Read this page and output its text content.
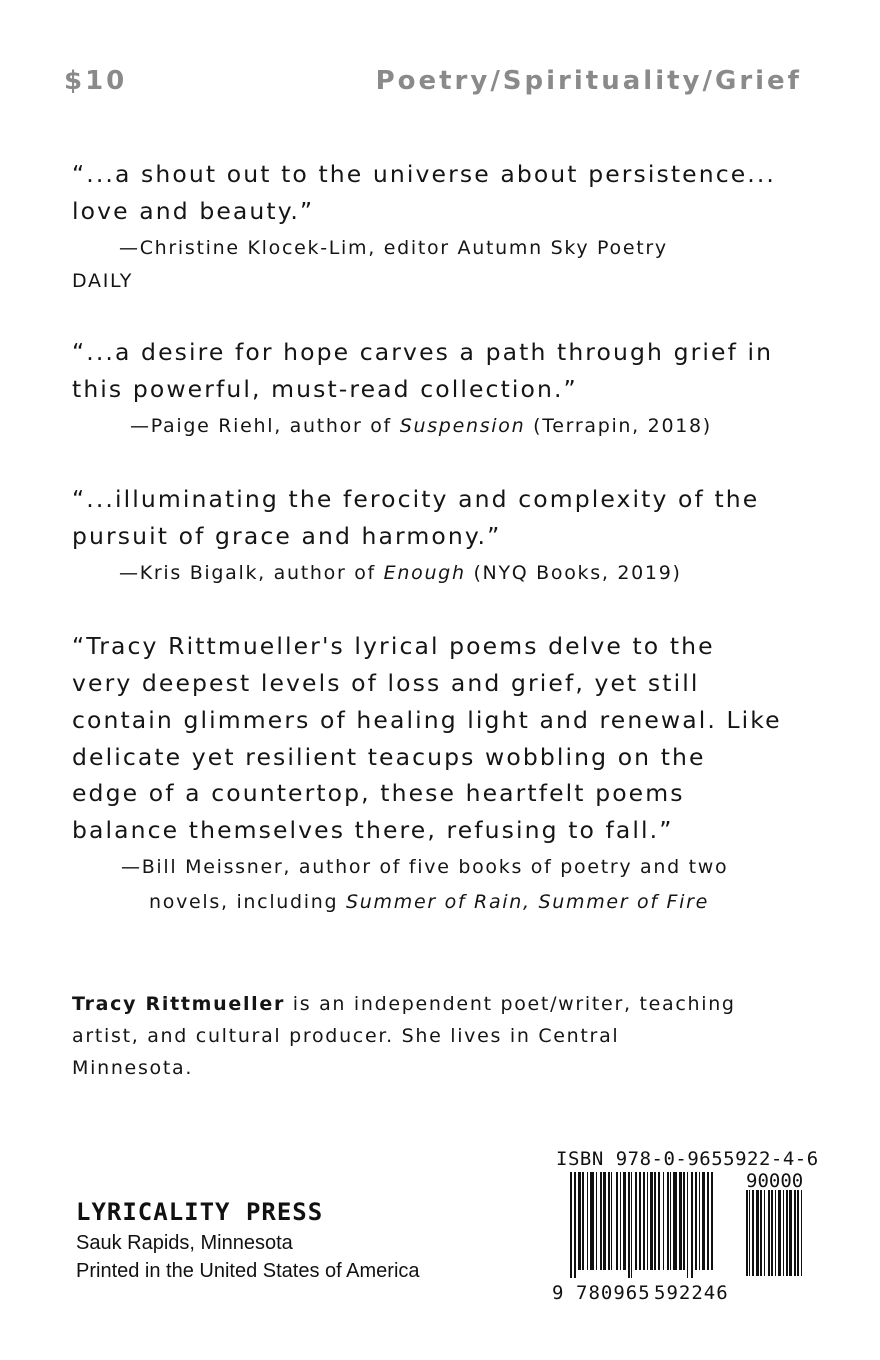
$10	Poetry/Spirituality/Grief
“...a shout out to the universe about persistence...
love and beauty.”
—Christine Klocek-Lim, editor Autumn Sky Poetry
DAILY
“...a desire for hope carves a path through grief in
this powerful, must-read collection.”
—Paige Riehl, author of Suspension (Terrapin, 2018)
“...illuminating the ferocity and complexity of the
pursuit of grace and harmony.”
—Kris Bigalk, author of Enough (NYQ Books, 2019)
“Tracy Rittmueller's lyrical poems delve to the
very deepest levels of loss and grief, yet still
contain glimmers of healing light and renewal. Like
delicate yet resilient teacups wobbling on the
edge of a countertop, these heartfelt poems
balance themselves there, refusing to fall.”
—Bill Meissner, author of five books of poetry and two
novels, including Summer of Rain, Summer of Fire
Tracy Rittmueller is an independent poet/writer, teaching
artist, and cultural producer. She lives in Central
Minnesota.
LYRICALITY PRESS
Sauk Rapids, Minnesota
Printed in the United States of America
ISBN 978-0-9655922-4-6
90000
9 780965 592246
